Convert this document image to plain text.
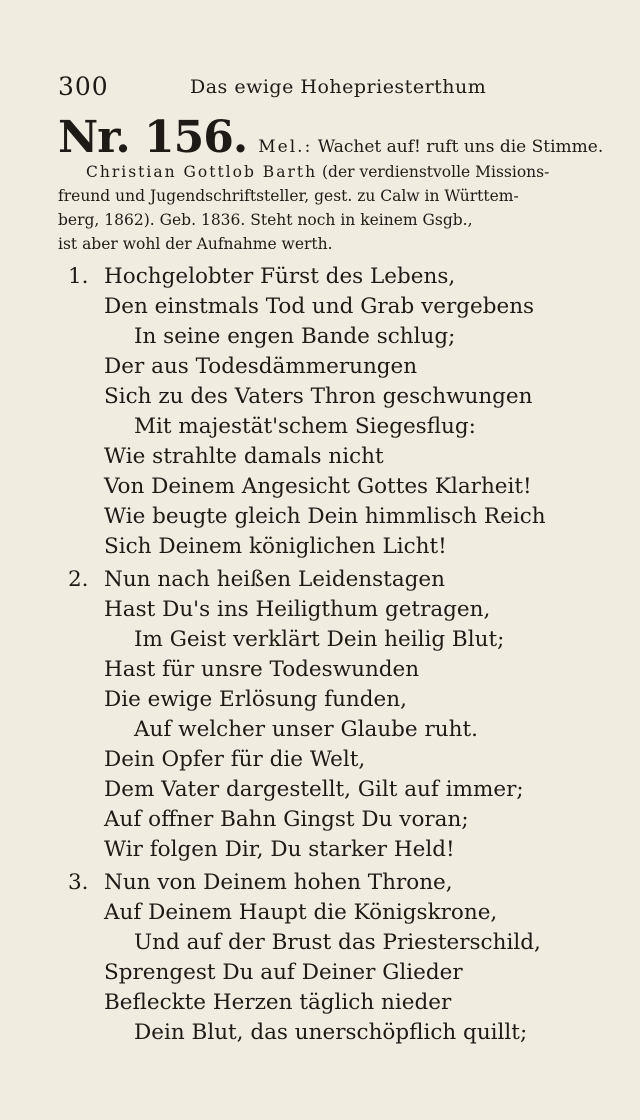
300	Das ewige Hohepriesterthum
Nr. 156. Mel.: Wachet auf! ruft uns die Stimme.
Christian Gottlob Barth (der verdienstvolle Missions-
freund und Jugendschriftsteller, gest. zu Calw in Württem-
berg, 1862). Geb. 1836. Steht noch in keinem Gsgb.,
ist aber wohl der Aufnahme werth.
1. Hochgelobter Fürst des Lebens,
Den einstmals Tod und Grab vergebens
In seine engen Bande schlug;
Der aus Todesdämmerungen
Sich zu des Vaters Thron geschwungen
Mit majestät'schem Siegesflug:
Wie strahlte damals nicht
Von Deinem Angesicht Gottes Klarheit!
Wie beugte gleich Dein himmlisch Reich
Sich Deinem königlichen Licht!
2. Nun nach heißen Leidenstagen
Hast Du's ins Heiligthum getragen,
Im Geist verklärt Dein heilig Blut;
Hast für unsre Todeswunden
Die ewige Erlösung funden,
Auf welcher unser Glaube ruht.
Dein Opfer für die Welt,
Dem Vater dargestellt, Gilt auf immer;
Auf offner Bahn Gingst Du voran;
Wir folgen Dir, Du starker Held!
3. Nun von Deinem hohen Throne,
Auf Deinem Haupt die Königskrone,
Und auf der Brust das Priesterschild,
Sprengest Du auf Deiner Glieder
Befleckte Herzen täglich nieder
Dein Blut, das unerschöpflich quillt;
